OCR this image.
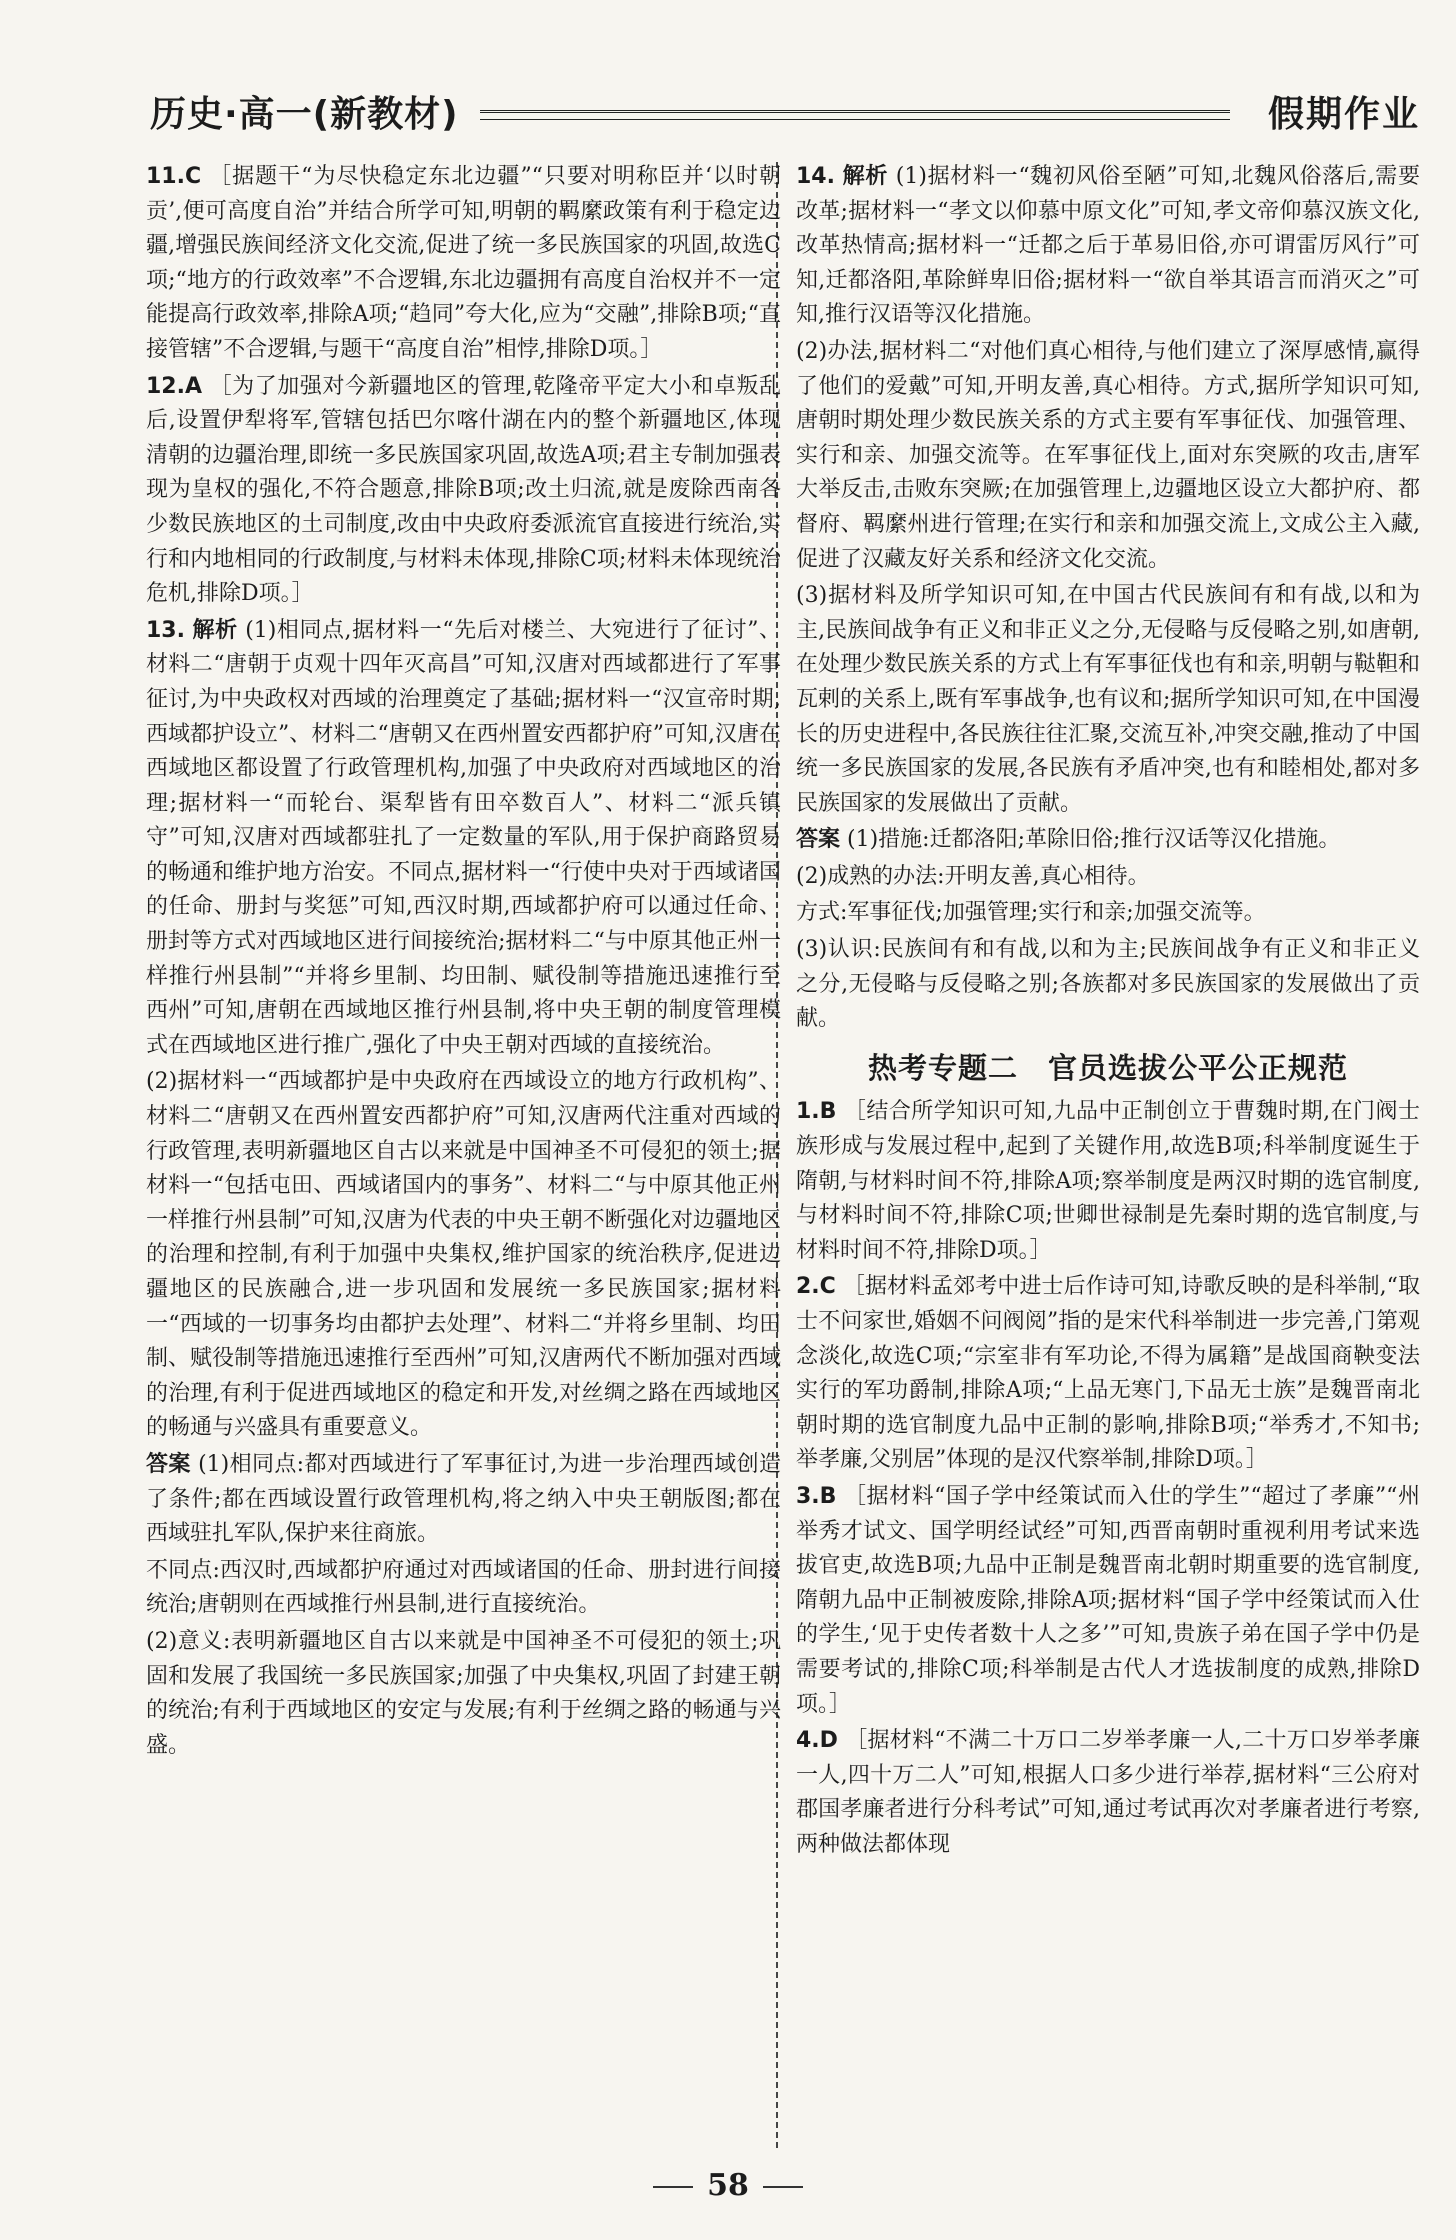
历史·高一(新教材)	假期作业
11.C ［据题干“为尽快稳定东北边疆”“只要对明称臣并‘以时朝贡’,便可高度自治”并结合所学可知,明朝的羁縻政策有利于稳定边疆,增强民族间经济文化交流,促进了统一多民族国家的巩固,故选C项;“地方的行政效率”不合逻辑,东北边疆拥有高度自治权并不一定能提高行政效率,排除A项;“趋同”夸大化,应为“交融”,排除B项;“直接管辖”不合逻辑,与题干“高度自治”相悖,排除D项。］
12.A ［为了加强对今新疆地区的管理,乾隆帝平定大小和卓叛乱后,设置伊犁将军,管辖包括巴尔喀什湖在内的整个新疆地区,体现清朝的边疆治理,即统一多民族国家巩固,故选A项;君主专制加强表现为皇权的强化,不符合题意,排除B项;改土归流,就是废除西南各少数民族地区的土司制度,改由中央政府委派流官直接进行统治,实行和内地相同的行政制度,与材料未体现,排除C项;材料未体现统治危机,排除D项。］
13. 解析 (1)相同点,据材料一“先后对楼兰、大宛进行了征讨”、材料二“唐朝于贞观十四年灭高昌”可知,汉唐对西域都进行了军事征讨,为中央政权对西域的治理奠定了基础;据材料一“汉宣帝时期,西域都护设立”、材料二“唐朝又在西州置安西都护府”可知,汉唐在西域地区都设置了行政管理机构,加强了中央政府对西域地区的治理;据材料一“而轮台、渠犁皆有田卒数百人”、材料二“派兵镇守”可知,汉唐对西域都驻扎了一定数量的军队,用于保护商路贸易的畅通和维护地方治安。不同点,据材料一“行使中央对于西域诸国的任命、册封与奖惩”可知,西汉时期,西域都护府可以通过任命、册封等方式对西域地区进行间接统治;据材料二“与中原其他正州一样推行州县制”“并将乡里制、均田制、赋役制等措施迅速推行至西州”可知,唐朝在西域地区推行州县制,将中央王朝的制度管理模式在西域地区进行推广,强化了中央王朝对西域的直接统治。
(2)据材料一“西域都护是中央政府在西域设立的地方行政机构”、材料二“唐朝又在西州置安西都护府”可知,汉唐两代注重对西域的行政管理,表明新疆地区自古以来就是中国神圣不可侵犯的领土;据材料一“包括屯田、西域诸国内的事务”、材料二“与中原其他正州一样推行州县制”可知,汉唐为代表的中央王朝不断强化对边疆地区的治理和控制,有利于加强中央集权,维护国家的统治秩序,促进边疆地区的民族融合,进一步巩固和发展统一多民族国家;据材料一“西域的一切事务均由都护去处理”、材料二“并将乡里制、均田制、赋役制等措施迅速推行至西州”可知,汉唐两代不断加强对西域的治理,有利于促进西域地区的稳定和开发,对丝绸之路在西域地区的畅通与兴盛具有重要意义。
答案 (1)相同点:都对西域进行了军事征讨,为进一步治理西域创造了条件;都在西域设置行政管理机构,将之纳入中央王朝版图;都在西域驻扎军队,保护来往商旅。
不同点:西汉时,西域都护府通过对西域诸国的任命、册封进行间接统治;唐朝则在西域推行州县制,进行直接统治。
(2)意义:表明新疆地区自古以来就是中国神圣不可侵犯的领土;巩固和发展了我国统一多民族国家;加强了中央集权,巩固了封建王朝的统治;有利于西域地区的安定与发展;有利于丝绸之路的畅通与兴盛。
14. 解析 (1)据材料一“魏初风俗至陋”可知,北魏风俗落后,需要改革;据材料一“孝文以仰慕中原文化”可知,孝文帝仰慕汉族文化,改革热情高;据材料一“迁都之后于革易旧俗,亦可谓雷厉风行”可知,迁都洛阳,革除鲜卑旧俗;据材料一“欲自举其语言而消灭之”可知,推行汉语等汉化措施。
(2)办法,据材料二“对他们真心相待,与他们建立了深厚感情,赢得了他们的爱戴”可知,开明友善,真心相待。方式,据所学知识可知,唐朝时期处理少数民族关系的方式主要有军事征伐、加强管理、实行和亲、加强交流等。在军事征伐上,面对东突厥的攻击,唐军大举反击,击败东突厥;在加强管理上,边疆地区设立大都护府、都督府、羁縻州进行管理;在实行和亲和加强交流上,文成公主入藏,促进了汉藏友好关系和经济文化交流。
(3)据材料及所学知识可知,在中国古代民族间有和有战,以和为主,民族间战争有正义和非正义之分,无侵略与反侵略之别,如唐朝,在处理少数民族关系的方式上有军事征伐也有和亲,明朝与鞑靼和瓦剌的关系上,既有军事战争,也有议和;据所学知识可知,在中国漫长的历史进程中,各民族往往汇聚,交流互补,冲突交融,推动了中国统一多民族国家的发展,各民族有矛盾冲突,也有和睦相处,都对多民族国家的发展做出了贡献。
答案 (1)措施:迁都洛阳;革除旧俗;推行汉话等汉化措施。
(2)成熟的办法:开明友善,真心相待。
方式:军事征伐;加强管理;实行和亲;加强交流等。
(3)认识:民族间有和有战,以和为主;民族间战争有正义和非正义之分,无侵略与反侵略之别;各族都对多民族国家的发展做出了贡献。
热考专题二　官员选拔公平公正规范
1.B ［结合所学知识可知,九品中正制创立于曹魏时期,在门阀士族形成与发展过程中,起到了关键作用,故选B项;科举制度诞生于隋朝,与材料时间不符,排除A项;察举制度是两汉时期的选官制度,与材料时间不符,排除C项;世卿世禄制是先秦时期的选官制度,与材料时间不符,排除D项。］
2.C ［据材料孟郊考中进士后作诗可知,诗歌反映的是科举制,“取士不问家世,婚姻不问阀阅”指的是宋代科举制进一步完善,门第观念淡化,故选C项;“宗室非有军功论,不得为属籍”是战国商鞅变法实行的军功爵制,排除A项;“上品无寒门,下品无士族”是魏晋南北朝时期的选官制度九品中正制的影响,排除B项;“举秀才,不知书;举孝廉,父别居”体现的是汉代察举制,排除D项。］
3.B ［据材料“国子学中经策试而入仕的学生”“超过了孝廉”“州举秀才试文、国学明经试经”可知,西晋南朝时重视利用考试来选拔官吏,故选B项;九品中正制是魏晋南北朝时期重要的选官制度,隋朝九品中正制被废除,排除A项;据材料“国子学中经策试而入仕的学生,‘见于史传者数十人之多’”可知,贵族子弟在国子学中仍是需要考试的,排除C项;科举制是古代人才选拔制度的成熟,排除D项。］
4.D ［据材料“不满二十万口二岁举孝廉一人,二十万口岁举孝廉一人,四十万二人”可知,根据人口多少进行举荐,据材料“三公府对郡国孝廉者进行分科考试”可知,通过考试再次对孝廉者进行考察,两种做法都体现
58
